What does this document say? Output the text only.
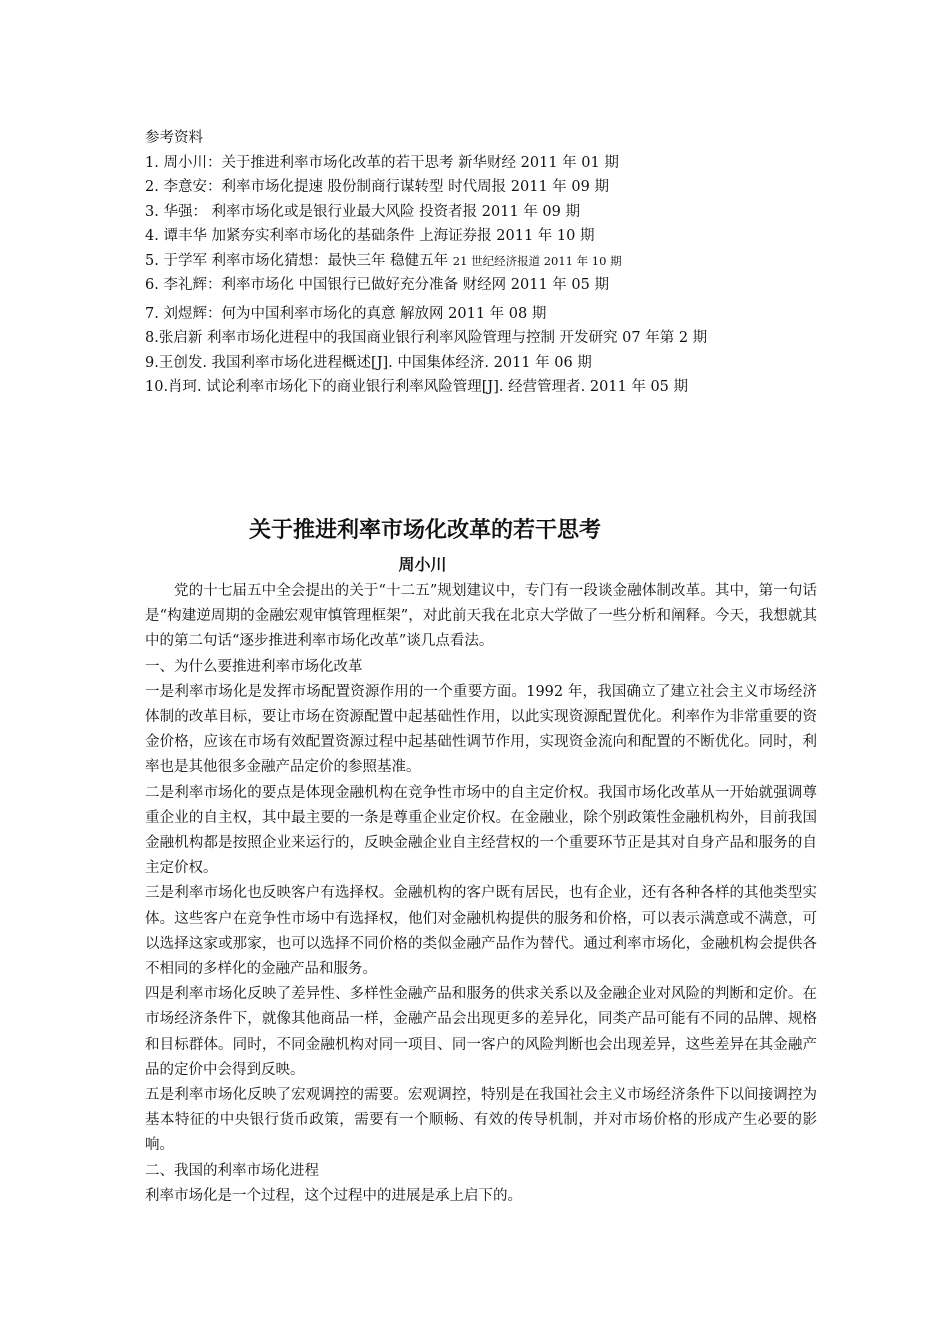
参考资料

1. 周小川：关于推进利率市场化改革的若干思考 新华财经 2011 年 01 期

2. 李意安：利率市场化提速 股份制商行谋转型 时代周报 2011 年 09 期

3. 华强： 利率市场化或是银行业最大风险 投资者报 2011 年 09 期

4. 谭丰华 加紧夯实利率市场化的基础条件 上海证券报 2011 年 10 期

5. 于学军 利率市场化猜想：最快三年 稳健五年 21 世纪经济报道 2011 年 10 期

6. 李礼辉：利率市场化 中国银行已做好充分准备 财经网 2011 年 05 期

7. 刘煜辉：何为中国利率市场化的真意 解放网 2011 年 08 期

8.张启新 利率市场化进程中的我国商业银行利率风险管理与控制 开发研究 07 年第 2 期

9.王创发. 我国利率市场化进程概述[J]. 中国集体经济. 2011 年 06 期

10.肖珂. 试论利率市场化下的商业银行利率风险管理[J]. 经营管理者. 2011 年 05 期

关于推进利率市场化改革的若干思考
周小川

党的十七届五中全会提出的关于“十二五”规划建议中，专门有一段谈金融体制改革。其中，第一句话是“构建逆周期的金融宏观审慎管理框架”，对此前天我在北京大学做了一些分析和阐释。今天，我想就其中的第二句话“逐步推进利率市场化改革”谈几点看法。

一、为什么要推进利率市场化改革

一是利率市场化是发挥市场配置资源作用的一个重要方面。1992 年，我国确立了建立社会主义市场经济体制的改革目标，要让市场在资源配置中起基础性作用，以此实现资源配置优化。利率作为非常重要的资金价格，应该在市场有效配置资源过程中起基础性调节作用，实现资金流向和配置的不断优化。同时，利率也是其他很多金融产品定价的参照基准。

二是利率市场化的要点是体现金融机构在竞争性市场中的自主定价权。我国市场化改革从一开始就强调尊重企业的自主权，其中最主要的一条是尊重企业定价权。在金融业，除个别政策性金融机构外，目前我国金融机构都是按照企业来运行的，反映金融企业自主经营权的一个重要环节正是其对自身产品和服务的自主定价权。

三是利率市场化也反映客户有选择权。金融机构的客户既有居民，也有企业，还有各种各样的其他类型实体。这些客户在竞争性市场中有选择权，他们对金融机构提供的服务和价格，可以表示满意或不满意，可以选择这家或那家，也可以选择不同价格的类似金融产品作为替代。通过利率市场化，金融机构会提供各不相同的多样化的金融产品和服务。

四是利率市场化反映了差异性、多样性金融产品和服务的供求关系以及金融企业对风险的判断和定价。在市场经济条件下，就像其他商品一样，金融产品会出现更多的差异化，同类产品可能有不同的品牌、规格和目标群体。同时，不同金融机构对同一项目、同一客户的风险判断也会出现差异，这些差异在其金融产品的定价中会得到反映。

五是利率市场化反映了宏观调控的需要。宏观调控，特别是在我国社会主义市场经济条件下以间接调控为基本特征的中央银行货币政策，需要有一个顺畅、有效的传导机制，并对市场价格的形成产生必要的影响。

二、我国的利率市场化进程

利率市场化是一个过程，这个过程中的进展是承上启下的。
